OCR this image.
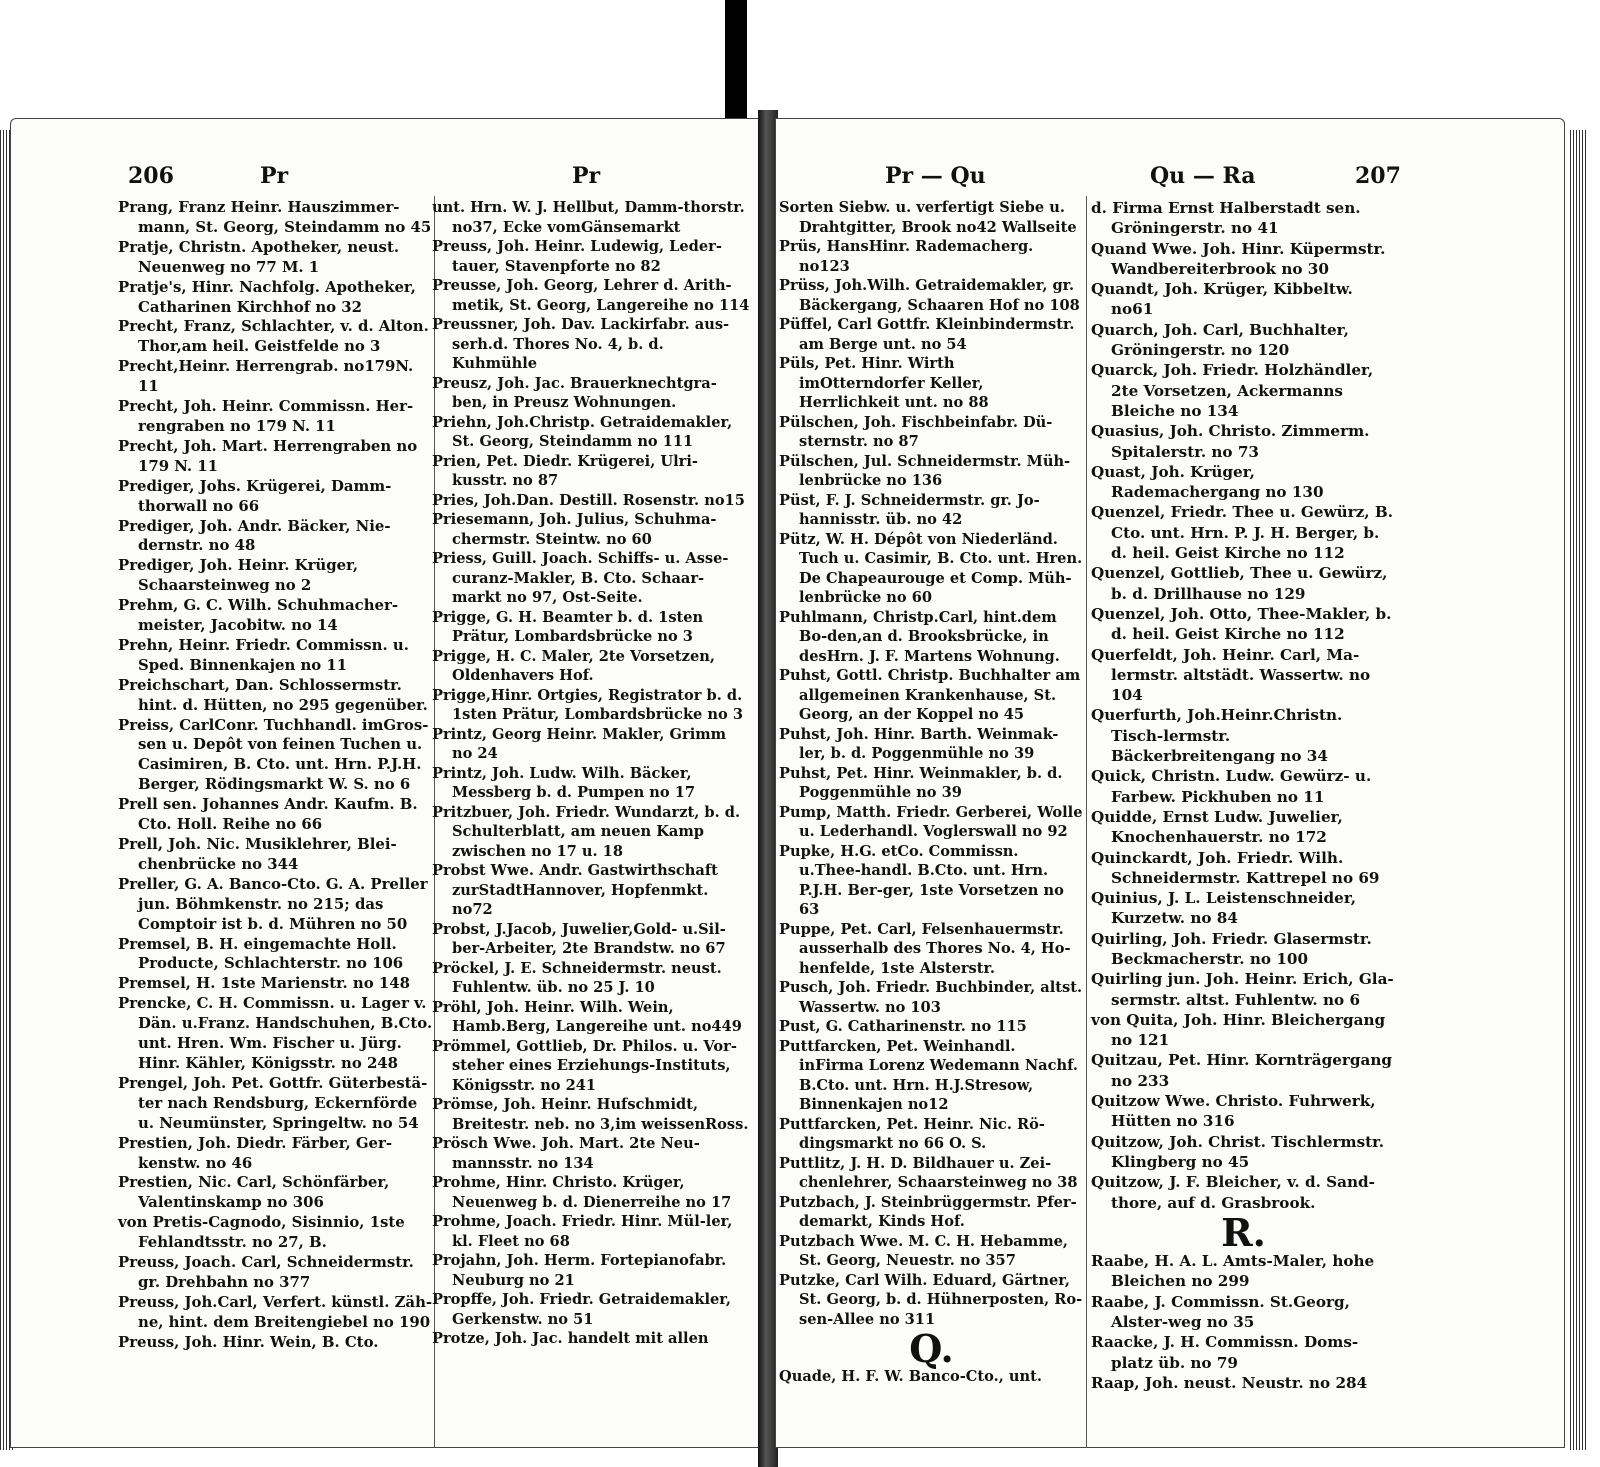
206	Pr	Pr

Prang, Franz Heinr. Hauszimmer-mann, St. Georg, Steindamm no 45

Pratje, Christn. Apotheker, neust. Neuenweg no 77 M. 1

Pratje's, Hinr. Nachfolg. Apotheker, Catharinen Kirchhof no 32

Precht, Franz, Schlachter, v. d. Alton. Thor,am heil. Geistfelde no 3

Precht,Heinr. Herrengrab. no179N. 11

Precht, Joh. Heinr. Commissn. Her-rengraben no 179 N. 11

Precht, Joh. Mart. Herrengraben no 179 N. 11

Prediger, Johs. Krügerei, Damm-thorwall no 66

Prediger, Joh. Andr. Bäcker, Nie-dernstr. no 48

Prediger, Joh. Heinr. Krüger, Schaarsteinweg no 2

Prehm, G. C. Wilh. Schuhmacher-meister, Jacobitw. no 14

Prehn, Heinr. Friedr. Commissn. u. Sped. Binnenkajen no 11

Preichschart, Dan. Schlossermstr. hint. d. Hütten, no 295 gegenüber.

Preiss, CarlConr. Tuchhandl. imGros-sen u. Depôt von feinen Tuchen u. Casimiren, B. Cto. unt. Hrn. P.J.H. Berger, Rödingsmarkt W. S. no 6

Prell sen. Johannes Andr. Kaufm. B. Cto. Holl. Reihe no 66

Prell, Joh. Nic. Musiklehrer, Blei-chenbrücke no 344

Preller, G. A. Banco-Cto. G. A. Preller jun. Böhmkenstr. no 215; das Comptoir ist b. d. Mühren no 50

Premsel, B. H. eingemachte Holl. Producte, Schlachterstr. no 106

Premsel, H. 1ste Marienstr. no 148

Prencke, C. H. Commissn. u. Lager v. Dän. u.Franz. Handschuhen, B.Cto. unt. Hren. Wm. Fischer u. Jürg. Hinr. Kähler, Königsstr. no 248

Prengel, Joh. Pet. Gottfr. Güterbestä-ter nach Rendsburg, Eckernförde u. Neumünster, Springeltw. no 54

Prestien, Joh. Diedr. Färber, Ger-kenstw. no 46

Prestien, Nic. Carl, Schönfärber, Valentinskamp no 306

von Pretis-Cagnodo, Sisinnio, 1ste Fehlandtsstr. no 27, B.

Preuss, Joach. Carl, Schneidermstr. gr. Drehbahn no 377

Preuss, Joh.Carl, Verfert. künstl. Zäh-ne, hint. dem Breitengiebel no 190

Preuss, Joh. Hinr. Wein, B. Cto.

unt. Hrn. W. J. Hellbut, Damm-thorstr. no37, Ecke vomGänsemarkt

Preuss, Joh. Heinr. Ludewig, Leder-tauer, Stavenpforte no 82

Preusse, Joh. Georg, Lehrer d. Arith-metik, St. Georg, Langereihe no 114

Preussner, Joh. Dav. Lackirfabr. aus-serh.d. Thores No. 4, b. d. Kuhmühle

Preusz, Joh. Jac. Brauerknechtgra-ben, in Preusz Wohnungen.

Priehn, Joh.Christp. Getraidemakler, St. Georg, Steindamm no 111

Prien, Pet. Diedr. Krügerei, Ulri-kusstr. no 87

Pries, Joh.Dan. Destill. Rosenstr. no15

Priesemann, Joh. Julius, Schuhma-chermstr. Steintw. no 60

Priess, Guill. Joach. Schiffs- u. Asse-curanz-Makler, B. Cto. Schaar-markt no 97, Ost-Seite.

Prigge, G. H. Beamter b. d. 1sten Prätur, Lombardsbrücke no 3

Prigge, H. C. Maler, 2te Vorsetzen, Oldenhavers Hof.

Prigge,Hinr. Ortgies, Registrator b. d. 1sten Prätur, Lombardsbrücke no 3

Printz, Georg Heinr. Makler, Grimm no 24

Printz, Joh. Ludw. Wilh. Bäcker, Messberg b. d. Pumpen no 17

Pritzbuer, Joh. Friedr. Wundarzt, b. d. Schulterblatt, am neuen Kamp zwischen no 17 u. 18

Probst Wwe. Andr. Gastwirthschaft zurStadtHannover, Hopfenmkt. no72

Probst, J.Jacob, Juwelier,Gold- u.Sil-ber-Arbeiter, 2te Brandstw. no 67

Pröckel, J. E. Schneidermstr. neust. Fuhlentw. üb. no 25 J. 10

Pröhl, Joh. Heinr. Wilh. Wein, Hamb.Berg, Langereihe unt. no449

Prömmel, Gottlieb, Dr. Philos. u. Vor-steher eines Erziehungs-Instituts, Königsstr. no 241

Prömse, Joh. Heinr. Hufschmidt, Breitestr. neb. no 3,im weissenRoss.

Prösch Wwe. Joh. Mart. 2te Neu-mannsstr. no 134

Prohme, Hinr. Christo. Krüger, Neuenweg b. d. Dienerreihe no 17

Prohme, Joach. Friedr. Hinr. Mül-ler, kl. Fleet no 68

Projahn, Joh. Herm. Fortepianofabr. Neuburg no 21

Propffe, Joh. Friedr. Getraidemakler, Gerkenstw. no 51

Protze, Joh. Jac. handelt mit allen

Pr — Qu	Qu — Ra	207

Sorten Siebw. u. verfertigt Siebe u. Drahtgitter, Brook no42 Wallseite

Prüs, HansHinr. Rademacherg. no123

Prüss, Joh.Wilh. Getraidemakler, gr. Bäckergang, Schaaren Hof no 108

Püffel, Carl Gottfr. Kleinbindermstr. am Berge unt. no 54

Püls, Pet. Hinr. Wirth imOtterndorfer Keller, Herrlichkeit unt. no 88

Pülschen, Joh. Fischbeinfabr. Dü-sternstr. no 87

Pülschen, Jul. Schneidermstr. Müh-lenbrücke no 136

Püst, F. J. Schneidermstr. gr. Jo-hannisstr. üb. no 42

Pütz, W. H. Dépôt von Niederländ. Tuch u. Casimir, B. Cto. unt. Hren. De Chapeaurouge et Comp. Müh-lenbrücke no 60

Puhlmann, Christp.Carl, hint.dem Bo-den,an d. Brooksbrücke, in desHrn. J. F. Martens Wohnung.

Puhst, Gottl. Christp. Buchhalter am allgemeinen Krankenhause, St. Georg, an der Koppel no 45

Puhst, Joh. Hinr. Barth. Weinmak-ler, b. d. Poggenmühle no 39

Puhst, Pet. Hinr. Weinmakler, b. d. Poggenmühle no 39

Pump, Matth. Friedr. Gerberei, Wolle u. Lederhandl. Voglerswall no 92

Pupke, H.G. etCo. Commissn. u.Thee-handl. B.Cto. unt. Hrn. P.J.H. Ber-ger, 1ste Vorsetzen no 63

Puppe, Pet. Carl, Felsenhauermstr. ausserhalb des Thores No. 4, Ho-henfelde, 1ste Alsterstr.

Pusch, Joh. Friedr. Buchbinder, altst. Wassertw. no 103

Pust, G. Catharinenstr. no 115

Puttfarcken, Pet. Weinhandl. inFirma Lorenz Wedemann Nachf. B.Cto. unt. Hrn. H.J.Stresow, Binnenkajen no12

Puttfarcken, Pet. Heinr. Nic. Rö-dingsmarkt no 66 O. S.

Puttlitz, J. H. D. Bildhauer u. Zei-chenlehrer, Schaarsteinweg no 38

Putzbach, J. Steinbrüggermstr. Pfer-demarkt, Kinds Hof.

Putzbach Wwe. M. C. H. Hebamme, St. Georg, Neuestr. no 357

Putzke, Carl Wilh. Eduard, Gärtner, St. Georg, b. d. Hühnerposten, Ro-sen-Allee no 311

Q.

Quade, H. F. W. Banco-Cto., unt.

d. Firma Ernst Halberstadt sen. Gröningerstr. no 41

Quand Wwe. Joh. Hinr. Küpermstr. Wandbereiterbrook no 30

Quandt, Joh. Krüger, Kibbeltw. no61

Quarch, Joh. Carl, Buchhalter, Gröningerstr. no 120

Quarck, Joh. Friedr. Holzhändler, 2te Vorsetzen, Ackermanns Bleiche no 134

Quasius, Joh. Christo. Zimmerm. Spitalerstr. no 73

Quast, Joh. Krüger, Rademachergang no 130

Quenzel, Friedr. Thee u. Gewürz, B. Cto. unt. Hrn. P. J. H. Berger, b. d. heil. Geist Kirche no 112

Quenzel, Gottlieb, Thee u. Gewürz, b. d. Drillhause no 129

Quenzel, Joh. Otto, Thee-Makler, b. d. heil. Geist Kirche no 112

Querfeldt, Joh. Heinr. Carl, Ma-lermstr. altstädt. Wassertw. no 104

Querfurth, Joh.Heinr.Christn. Tisch-lermstr. Bäckerbreitengang no 34

Quick, Christn. Ludw. Gewürz- u. Farbew. Pickhuben no 11

Quidde, Ernst Ludw. Juwelier, Knochenhauerstr. no 172

Quinckardt, Joh. Friedr. Wilh. Schneidermstr. Kattrepel no 69

Quinius, J. L. Leistenschneider, Kurzetw. no 84

Quirling, Joh. Friedr. Glasermstr. Beckmacherstr. no 100

Quirling jun. Joh. Heinr. Erich, Gla-sermstr. altst. Fuhlentw. no 6

von Quita, Joh. Hinr. Bleichergang no 121

Quitzau, Pet. Hinr. Kornträgergang no 233

Quitzow Wwe. Christo. Fuhrwerk, Hütten no 316

Quitzow, Joh. Christ. Tischlermstr. Klingberg no 45

Quitzow, J. F. Bleicher, v. d. Sand-thore, auf d. Grasbrook.

R.

Raabe, H. A. L. Amts-Maler, hohe Bleichen no 299

Raabe, J. Commissn. St.Georg, Alster-weg no 35

Raacke, J. H. Commissn. Doms-platz üb. no 79

Raap, Joh. neust. Neustr. no 284
